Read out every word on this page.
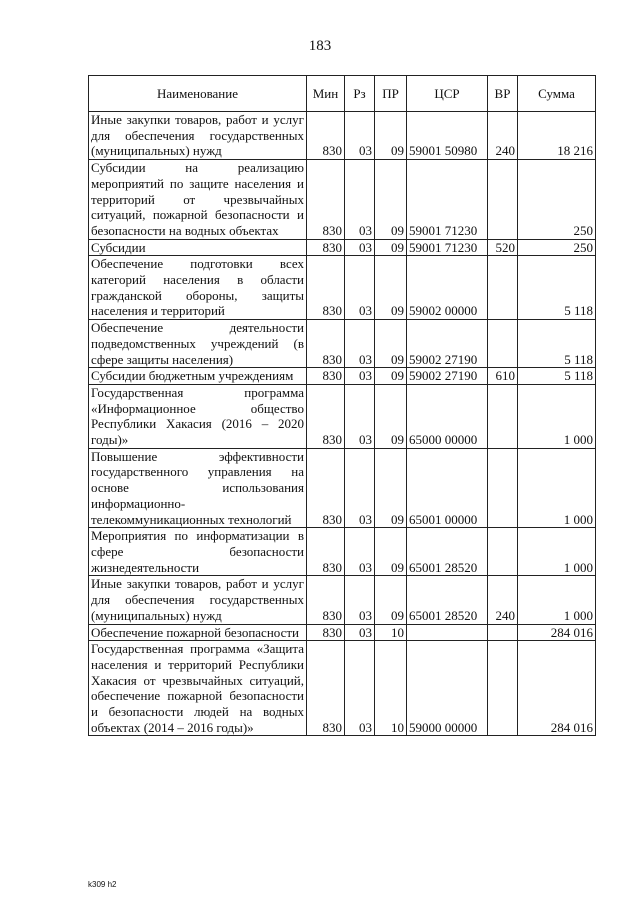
183
Наименование	Мин	Рз	ПР	ЦСР	ВР	Сумма
Иные закупки товаров, работ и услуг для обеспечения государственных (муниципальных) нужд	830	03	09	59001 50980	240	18 216
Субсидии на реализацию мероприятий по защите населения и территорий от чрезвычайных ситуаций, пожарной безопасности и безопасности на водных объектах	830	03	09	59001 71230		250
Субсидии	830	03	09	59001 71230	520	250
Обеспечение подготовки всех категорий населения в области гражданской обороны, защиты населения и территорий	830	03	09	59002 00000		5 118
Обеспечение деятельности подведомственных учреждений (в сфере защиты населения)	830	03	09	59002 27190		5 118
Субсидии бюджетным учреждениям	830	03	09	59002 27190	610	5 118
Государственная программа «Информационное общество Республики Хакасия (2016 – 2020 годы)»	830	03	09	65000 00000		1 000
Повышение эффективности государственного управления на основе использования информационно-телекоммуникационных технологий	830	03	09	65001 00000		1 000
Мероприятия по информатизации в сфере безопасности жизнедеятельности	830	03	09	65001 28520		1 000
Иные закупки товаров, работ и услуг для обеспечения государственных (муниципальных) нужд	830	03	09	65001 28520	240	1 000
Обеспечение пожарной безопасности	830	03	10			284 016
Государственная программа «Защита населения и территорий Республики Хакасия от чрезвычайных ситуаций, обеспечение пожарной безопасности и безопасности людей на водных объектах (2014 – 2016 годы)»	830	03	10	59000 00000		284 016
k309 h2
